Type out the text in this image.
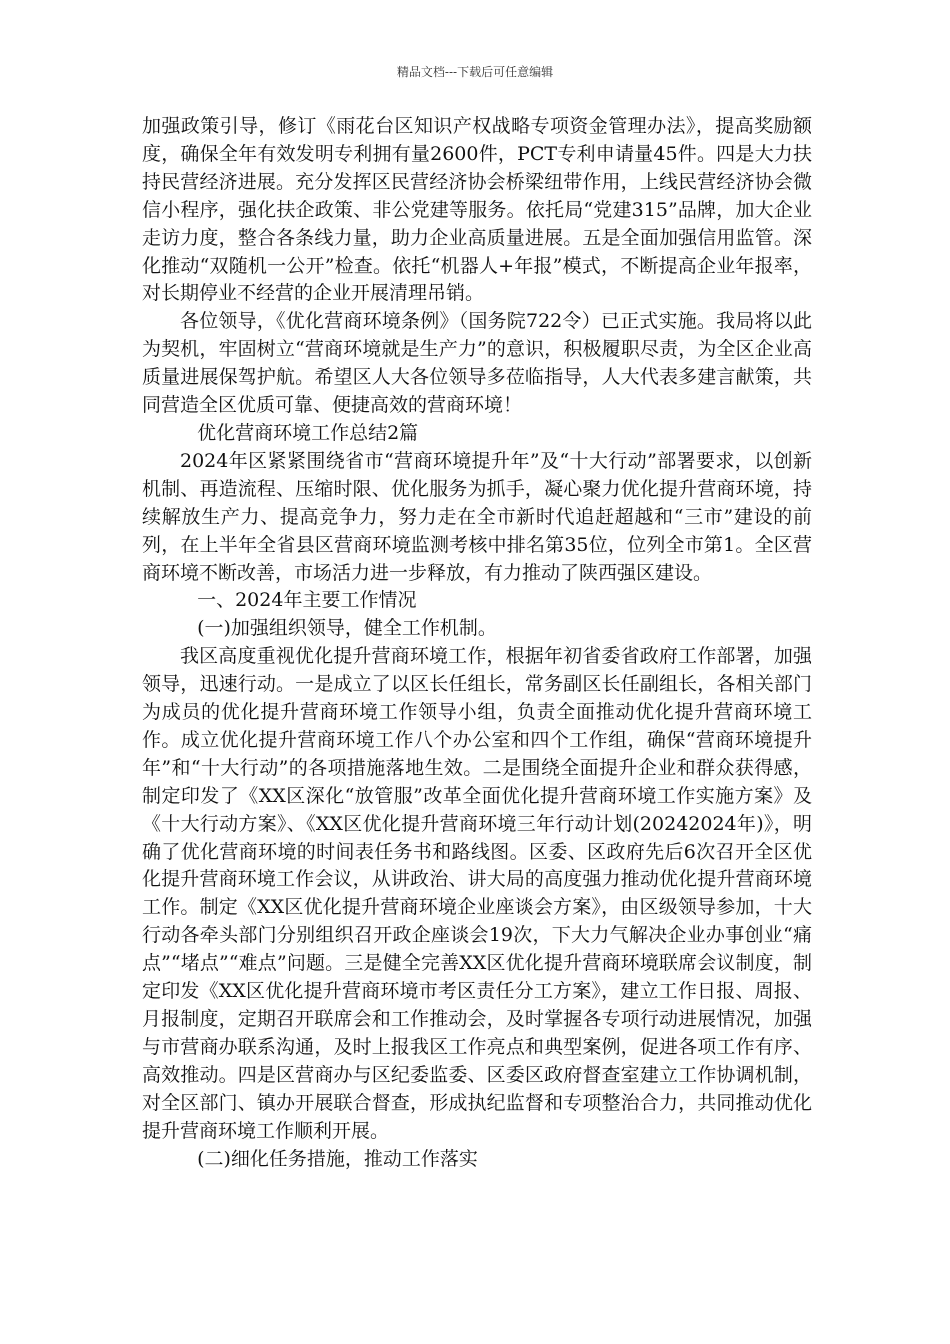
精品文档---下载后可任意编辑

加强政策引导，修订《雨花台区知识产权战略专项资金管理办法》，提高奖励额度，确保全年有效发明专利拥有量2600件，PCT专利申请量45件。四是大力扶持民营经济进展。充分发挥区民营经济协会桥梁纽带作用，上线民营经济协会微信小程序，强化扶企政策、非公党建等服务。依托局“党建315”品牌，加大企业走访力度，整合各条线力量，助力企业高质量进展。五是全面加强信用监管。深化推动“双随机一公开”检查。依托“机器人+年报”模式，不断提高企业年报率，对长期停业不经营的企业开展清理吊销。

各位领导，《优化营商环境条例》（国务院722令）已正式实施。我局将以此为契机，牢固树立“营商环境就是生产力”的意识，积极履职尽责，为全区企业高质量进展保驾护航。希望区人大各位领导多莅临指导，人大代表多建言献策，共同营造全区优质可靠、便捷高效的营商环境！

优化营商环境工作总结2篇

2024年区紧紧围绕省市“营商环境提升年”及“十大行动”部署要求，以创新机制、再造流程、压缩时限、优化服务为抓手，凝心聚力优化提升营商环境，持续解放生产力、提高竞争力，努力走在全市新时代追赶超越和“三市”建设的前列，在上半年全省县区营商环境监测考核中排名第35位，位列全市第1。全区营商环境不断改善，市场活力进一步释放，有力推动了陕西强区建设。

一、2024年主要工作情况

(一)加强组织领导，健全工作机制。

我区高度重视优化提升营商环境工作，根据年初省委省政府工作部署，加强领导，迅速行动。一是成立了以区长任组长，常务副区长任副组长，各相关部门为成员的优化提升营商环境工作领导小组，负责全面推动优化提升营商环境工作。成立优化提升营商环境工作八个办公室和四个工作组，确保“营商环境提升年”和“十大行动”的各项措施落地生效。二是围绕全面提升企业和群众获得感，制定印发了《XX区深化“放管服”改革全面优化提升营商环境工作实施方案》及《十大行动方案》、《XX区优化提升营商环境三年行动计划(20242024年)》，明确了优化营商环境的时间表任务书和路线图。区委、区政府先后6次召开全区优化提升营商环境工作会议，从讲政治、讲大局的高度强力推动优化提升营商环境工作。制定《XX区优化提升营商环境企业座谈会方案》，由区级领导参加，十大行动各牵头部门分别组织召开政企座谈会19次，下大力气解决企业办事创业“痛点”“堵点”“难点”问题。三是健全完善XX区优化提升营商环境联席会议制度，制定印发《XX区优化提升营商环境市考区责任分工方案》，建立工作日报、周报、月报制度，定期召开联席会和工作推动会，及时掌握各专项行动进展情况，加强与市营商办联系沟通，及时上报我区工作亮点和典型案例，促进各项工作有序、高效推动。四是区营商办与区纪委监委、区委区政府督查室建立工作协调机制，对全区部门、镇办开展联合督查，形成执纪监督和专项整治合力，共同推动优化提升营商环境工作顺利开展。

(二)细化任务措施，推动工作落实
